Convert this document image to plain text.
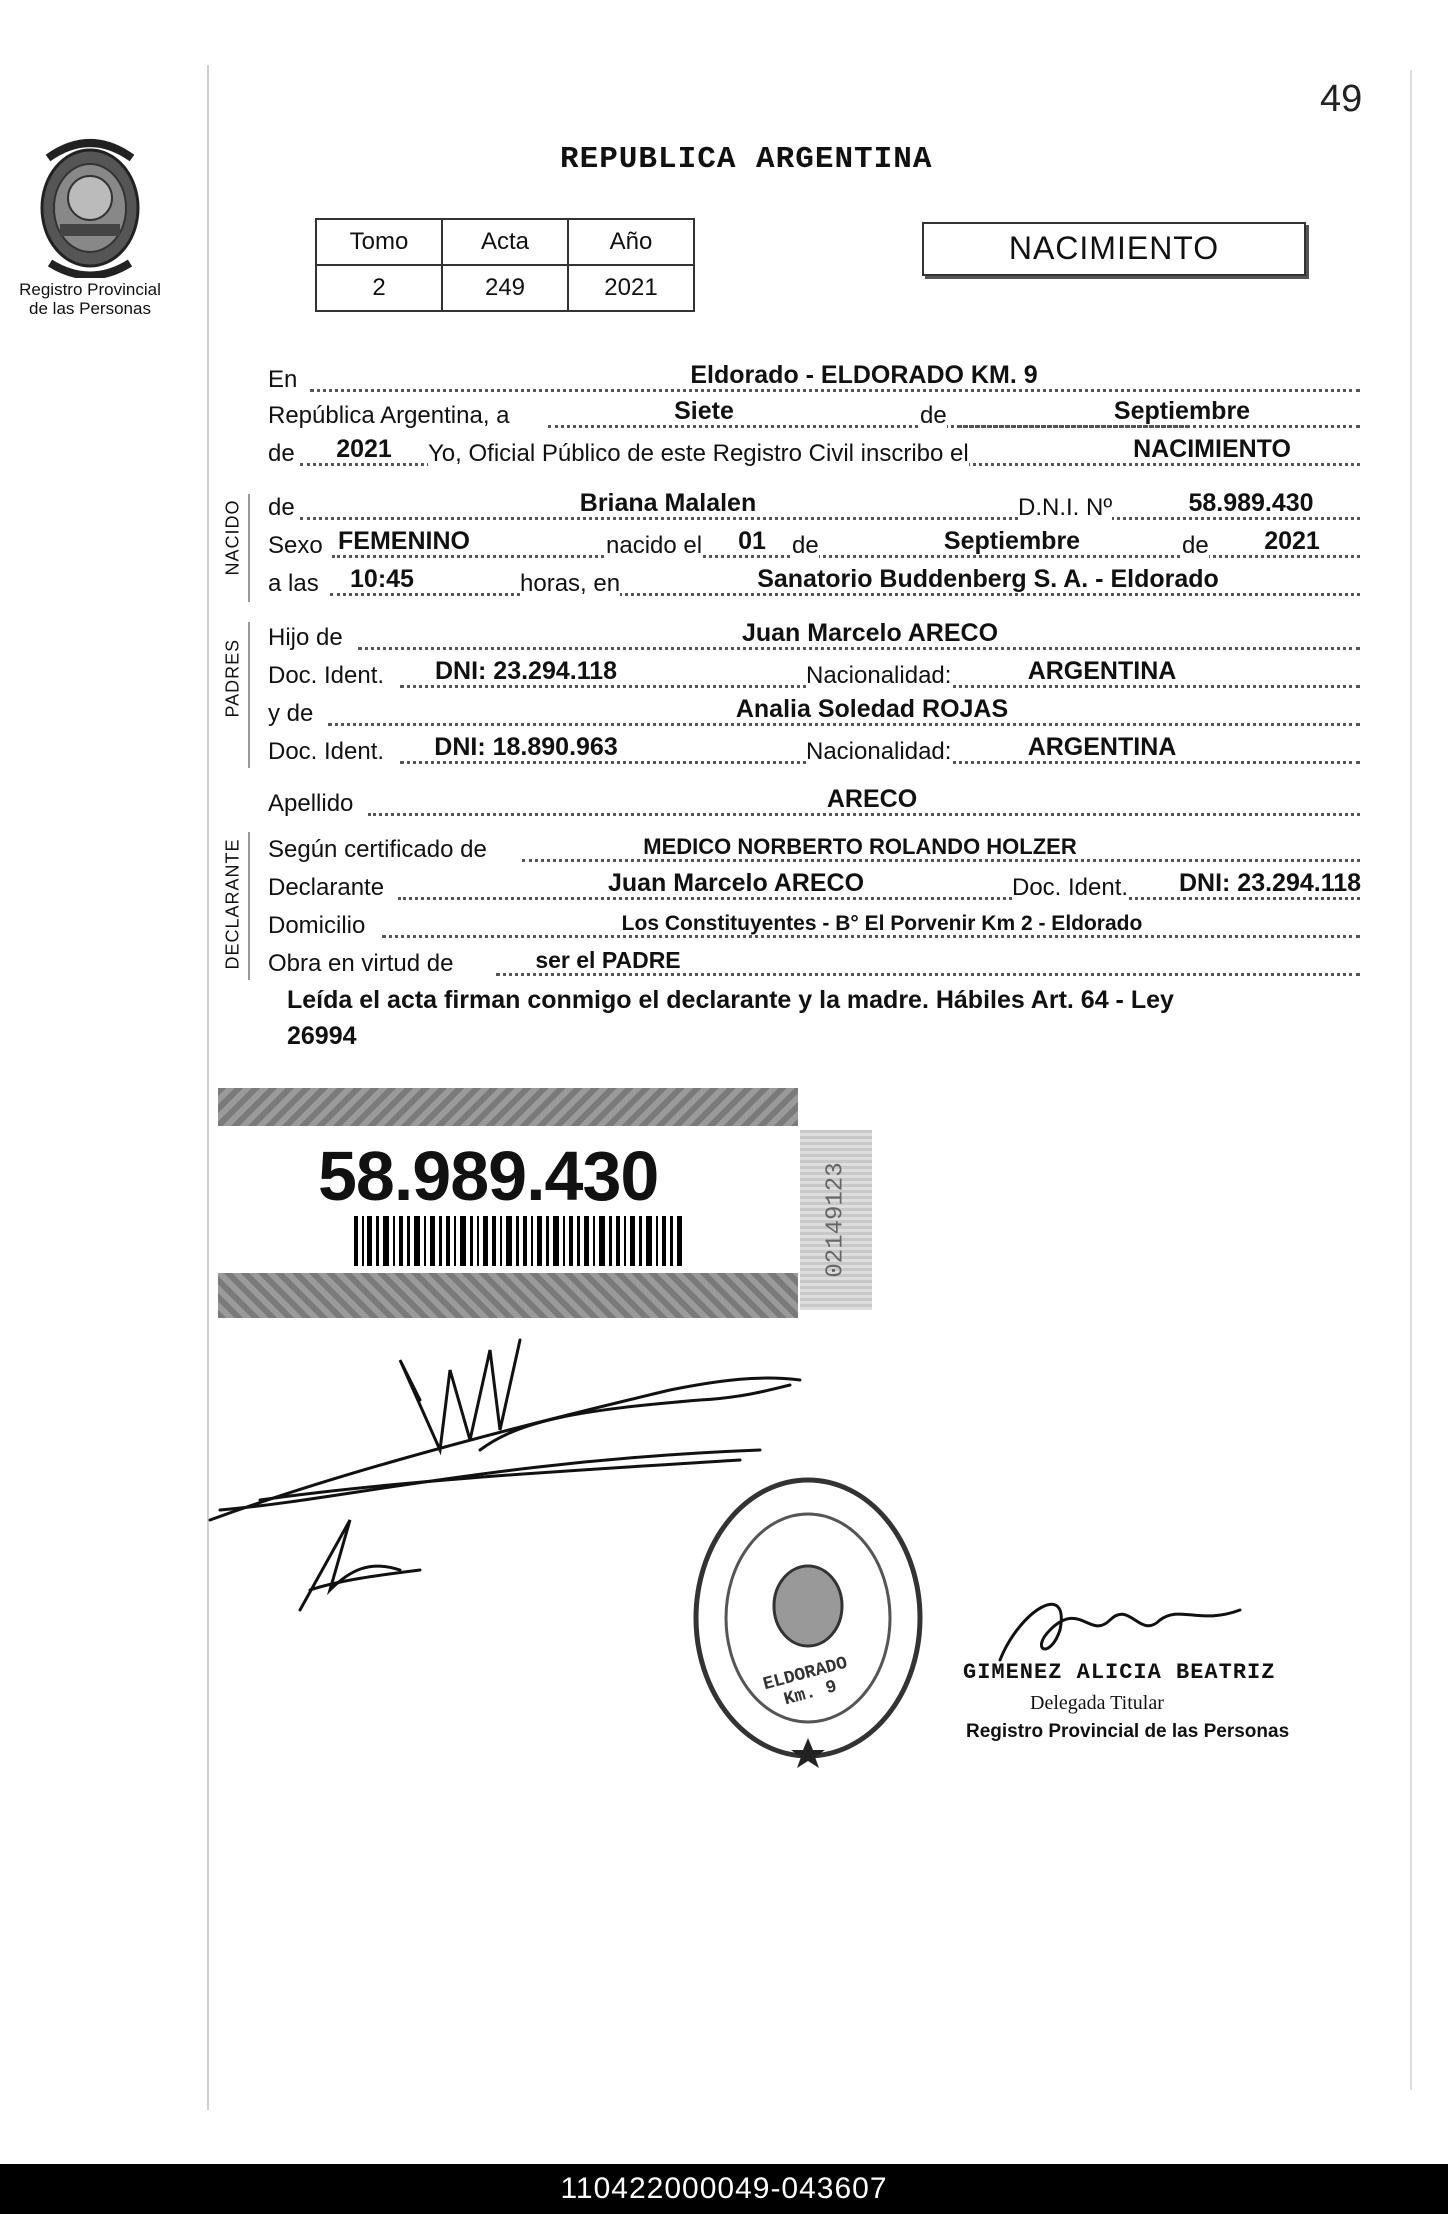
49
Registro Provincial
de las Personas
REPUBLICA ARGENTINA
Tomo	Acta	Año
2	249	2021
NACIMIENTO
En	Eldorado - ELDORADO KM. 9
República Argentina, a	de
Siete	Septiembre
de 2021 Yo, Oficial Público de este Registro Civil inscribo el	NACIMIENTO
NACIDO de	Briana Malalen	D.N.I. Nº	58.989.430
Sexo FEMENINO	nacido el 01 de	Septiembre	de 2021
a las 10:45	horas, en	Sanatorio Buddenberg S. A. - Eldorado
PADRES
Hijo de	Juan Marcelo ARECO
Doc. Ident. DNI: 23.294.118	Nacionalidad:	ARGENTINA
y de	Analia Soledad ROJAS
Doc. Ident. DNI: 18.890.963	Nacionalidad:	ARGENTINA
Apellido	ARECO
DECLARANTE Según certificado de	MEDICO NORBERTO ROLANDO HOLZER
Declarante	Juan Marcelo ARECO	Doc. Ident. DNI: 23.294.118
Domicilio	Los Constituyentes - B° El Porvenir Km 2 - Eldorado
Obra en virtud de	ser el PADRE
Leída el acta firman conmigo el declarante y la madre. Hábiles Art. 64 - Ley
26994
58.989.430	02149123
ELDORADO Km. 9
GIMENEZ ALICIA BEATRIZ
Delegada Titular
Registro Provincial de las Personas
110422000049-043607
